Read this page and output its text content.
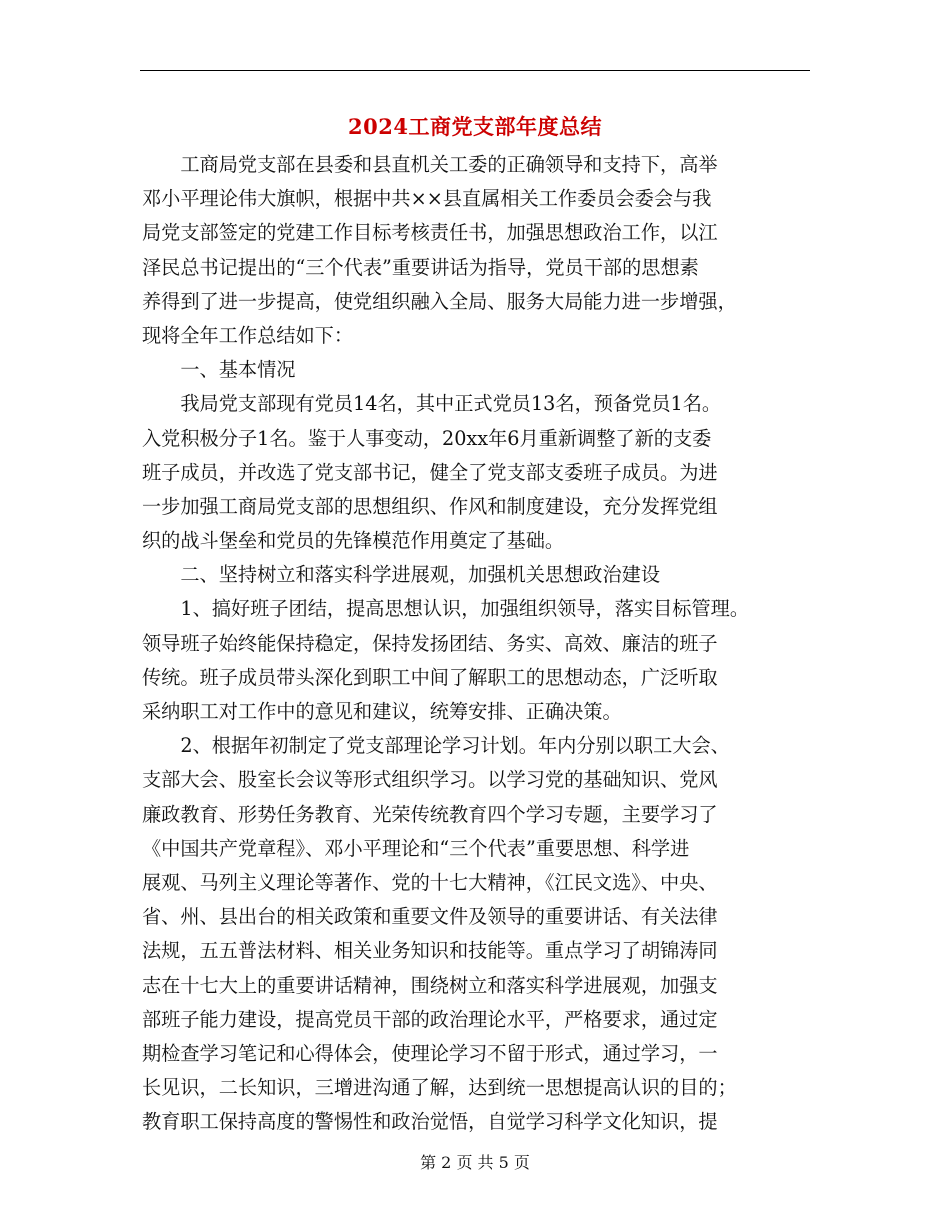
2024工商党支部年度总结
　　工商局党支部在县委和县直机关工委的正确领导和支持下，高举
邓小平理论伟大旗帜，根据中共××县直属相关工作委员会委会与我
局党支部签定的党建工作目标考核责任书，加强思想政治工作，以江
泽民总书记提出的“三个代表”重要讲话为指导，党员干部的思想素
养得到了进一步提高，使党组织融入全局、服务大局能力进一步增强，
现将全年工作总结如下：
　　一、基本情况
　　我局党支部现有党员14名，其中正式党员13名，预备党员1名。
入党积极分子1名。鉴于人事变动，20xx年6月重新调整了新的支委
班子成员，并改选了党支部书记，健全了党支部支委班子成员。为进
一步加强工商局党支部的思想组织、作风和制度建设，充分发挥党组
织的战斗堡垒和党员的先锋模范作用奠定了基础。
　　二、坚持树立和落实科学进展观，加强机关思想政治建设
　　1、搞好班子团结，提高思想认识，加强组织领导，落实目标管理。
领导班子始终能保持稳定，保持发扬团结、务实、高效、廉洁的班子
传统。班子成员带头深化到职工中间了解职工的思想动态，广泛听取
采纳职工对工作中的意见和建议，统筹安排、正确决策。
　　2、根据年初制定了党支部理论学习计划。年内分别以职工大会、
支部大会、股室长会议等形式组织学习。以学习党的基础知识、党风
廉政教育、形势任务教育、光荣传统教育四个学习专题，主要学习了
《中国共产党章程》、邓小平理论和“三个代表”重要思想、科学进
展观、马列主义理论等著作、党的十七大精神，《江民文选》、中央、
省、州、县出台的相关政策和重要文件及领导的重要讲话、有关法律
法规，五五普法材料、相关业务知识和技能等。重点学习了胡锦涛同
志在十七大上的重要讲话精神，围绕树立和落实科学进展观，加强支
部班子能力建设，提高党员干部的政治理论水平，严格要求，通过定
期检查学习笔记和心得体会，使理论学习不留于形式，通过学习，一
长见识，二长知识，三增进沟通了解，达到统一思想提高认识的目的；
教育职工保持高度的警惕性和政治觉悟，自觉学习科学文化知识，提
第 2 页 共 5 页
